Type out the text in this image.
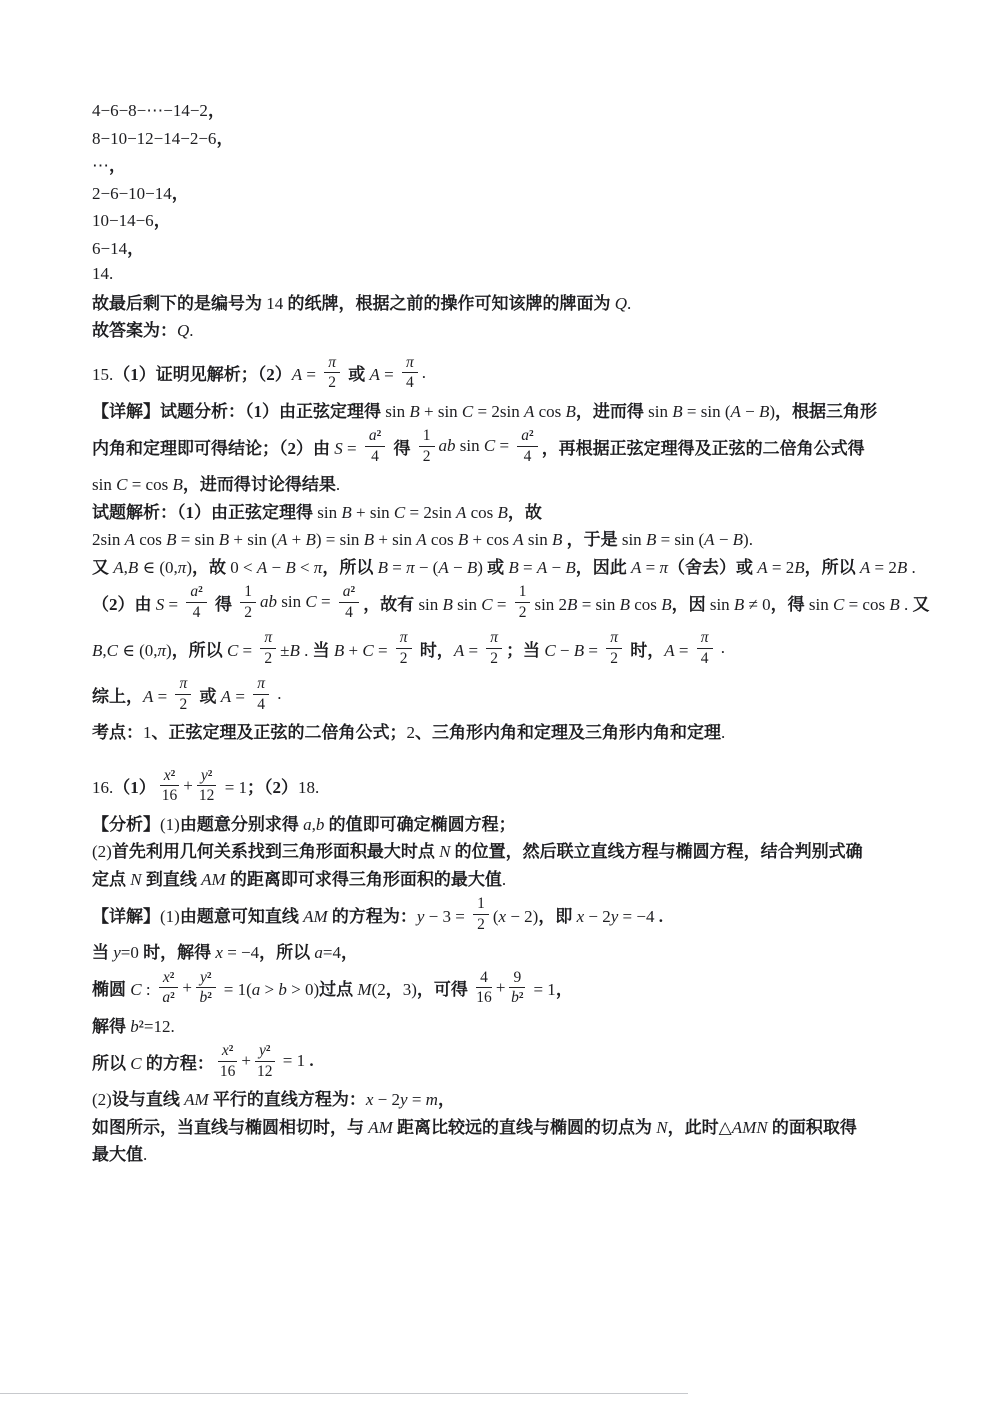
4−6−8−⋯−14−2，
8−10−12−14−2−6，
⋯，
2−6−10−14，
10−14−6，
6−14，
14.
故最后剩下的是编号为 14 的纸牌，根据之前的操作可知该牌的牌面为 Q.
故答案为：Q.
15.（1）证明见解析；$(2)A = \frac{\pi}{2}$ 或 $A = \frac{\pi}{4}$ .
【详解】试题分析：（1）由正弦定理得 sin B + sin C = 2sin A cos B，进而得 sin B = sin (A − B)，根据三角形
内角和定理即可得结论；（2）由 $S = \frac{\text{a²}}{4}$ 得
1
2
ab $\sin C = \frac{\text{a²}}{4}$ ，再根据正弦定理得及正弦的二倍角公式得
sin C = cos B，进而得讨论得结果.
试题解析：（1）由正弦定理得 sin B + sin C = 2sin A cos B，故
2sin A cos B = sin B + sin (A + B) = sin B + sin A cos B + cos A sin B ，于是 sin B = sin (A − B).
又 A,B ∈ (0,π)，故 0 < A − B < π，所以 B = π − (A − B) 或 B = A − B，因此 A = π（舍去）或 A = 2B，所以 A = 2B .
（2）由 $S = \frac{\text{a²}}{4}$ 得
1
2
ab $\sin C = \frac{\text{a²}}{4}$ ，故有 sin B $\sin C = \frac{1}{2}$ sin 2B = sin B cos B，因 sin B ≠ 0，得 sin C = cos B . 又
B,C ∈ (0,π)，所以 $C = \frac{\pi}{2} \pm B$ . 当 $B + C = \frac{\pi}{2}$ 时，$A = \frac{\pi}{2}$ ；当 $C - B = \frac{\pi}{2}$ 时，$A = \frac{\pi}{4}$ .
综上，$A = \frac{\pi}{2}$ 或 $A = \frac{\pi}{4}$ .
考点：1、正弦定理及正弦的二倍角公式；2、三角形内角和定理及三角形内角和定理.
16.（1）
x²
16
+ $\frac{\text{y²}}{12} = 1$；（2）18.
【分析】(1)由题意分别求得 a,b 的值即可确定椭圆方程；
(2)首先利用几何关系找到三角形面积最大时点 N 的位置，然后联立直线方程与椭圆方程，结合判别式确
定点 N 到直线 AM 的距离即可求得三角形面积的最大值.
【详解】(1)由题意可知直线 AM 的方程为：$y - 3 = \frac{1}{2} (x - 2)$，即 x − 2y = −4 .
当 y=0 时，解得 x = −4，所以 a=4，
椭圆 C :
x²
a²
+ $\frac{\text{y²}}{\text{b²}} = 1(a > b > 0)$过点 M(2，3)，可得
4
16
+ $\frac{9}{\text{b²}} = 1$，
解得 b²=12.
所以 C 的方程：
x²
16
+ $\frac{\text{y²}}{12} = 1$ .
(2)设与直线 AM 平行的直线方程为：x − 2y = m，
如图所示，当直线与椭圆相切时，与 AM 距离比较远的直线与椭圆的切点为 N，此时△AMN 的面积取得
最大值.
